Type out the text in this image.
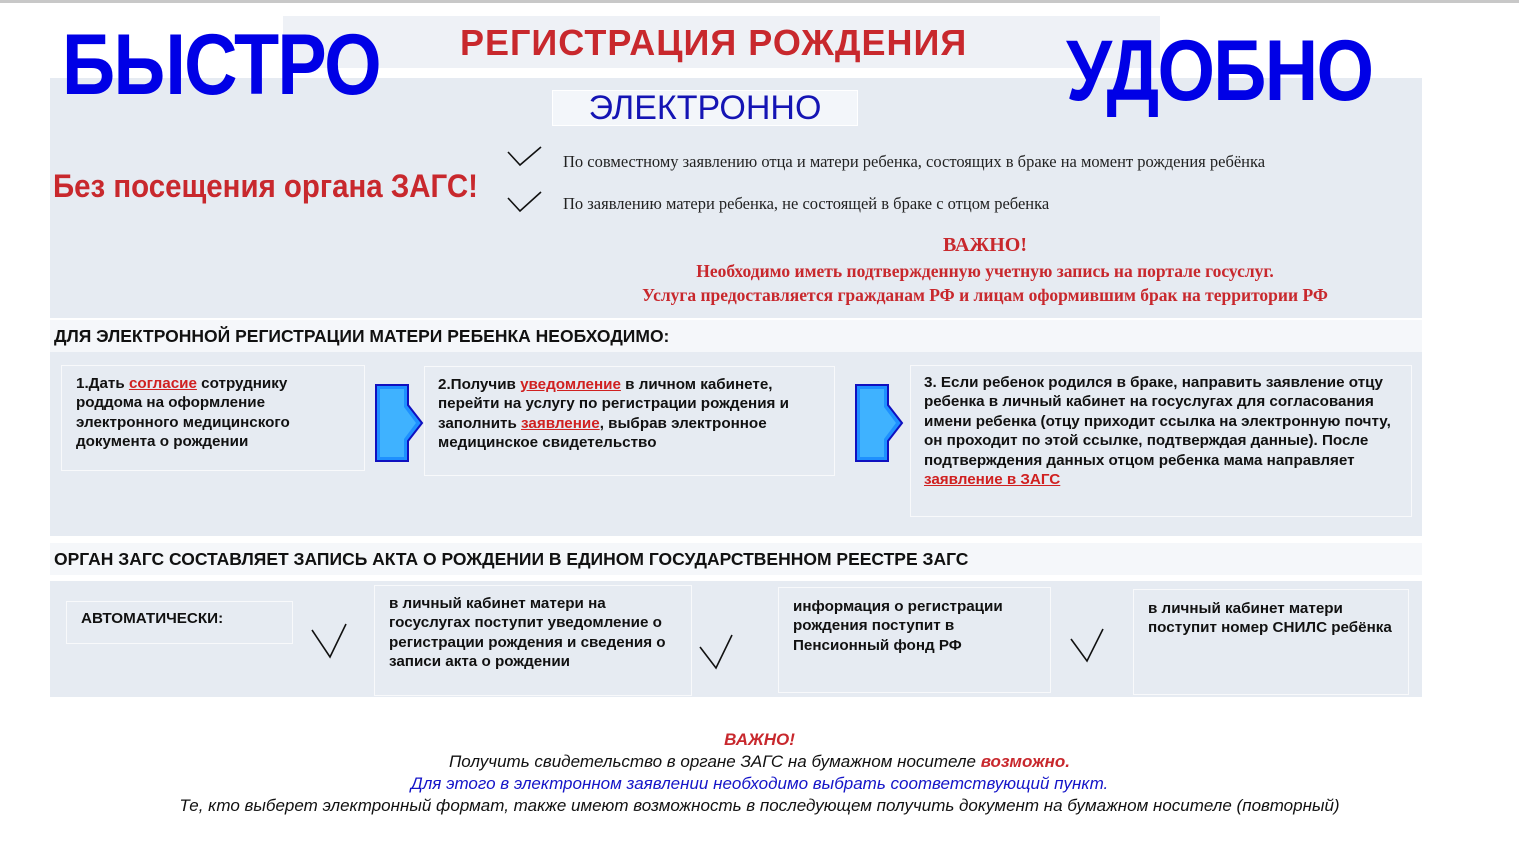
БЫСТРО	УДОБНО
РЕГИСТРАЦИЯ РОЖДЕНИЯ
ЭЛЕКТРОННО
Без посещения органа ЗАГС!
По совместному заявлению отца и матери ребенка, состоящих в браке на момент рождения ребёнка
По заявлению матери ребенка, не состоящей в браке с отцом ребенка
ВАЖНО!
Необходимо иметь подтвержденную учетную запись на портале госуслуг.
Услуга предоставляется гражданам РФ и лицам оформившим брак на территории РФ
ДЛЯ ЭЛЕКТРОННОЙ РЕГИСТРАЦИИ МАТЕРИ РЕБЕНКА НЕОБХОДИМО:
1.Дать согласие сотруднику роддома на оформление электронного медицинского документа о рождении
2.Получив уведомление в личном кабинете, перейти на услугу по регистрации рождения и заполнить заявление, выбрав электронное медицинское свидетельство
3. Если ребенок родился в браке, направить заявление отцу ребенка в личный кабинет на госуслугах для согласования имени ребенка (отцу приходит ссылка на электронную почту, он проходит по этой ссылке, подтверждая данные). После подтверждения данных отцом ребенка мама направляет заявление в ЗАГС
ОРГАН ЗАГС СОСТАВЛЯЕТ ЗАПИСЬ АКТА О РОЖДЕНИИ В ЕДИНОМ ГОСУДАРСТВЕННОМ РЕЕСТРЕ ЗАГС
АВТОМАТИЧЕСКИ:
в личный кабинет матери на госуслугах поступит уведомление о регистрации рождения и сведения о записи акта о рождении
информация о регистрации рождения поступит в Пенсионный фонд РФ
в личный кабинет матери поступит номер СНИЛС ребёнка
ВАЖНО!
Получить свидетельство в органе ЗАГС на бумажном носителе возможно.
Для этого в электронном заявлении необходимо выбрать соответствующий пункт.
Те, кто выберет электронный формат, также имеют возможность в последующем получить документ на бумажном носителе (повторный)
